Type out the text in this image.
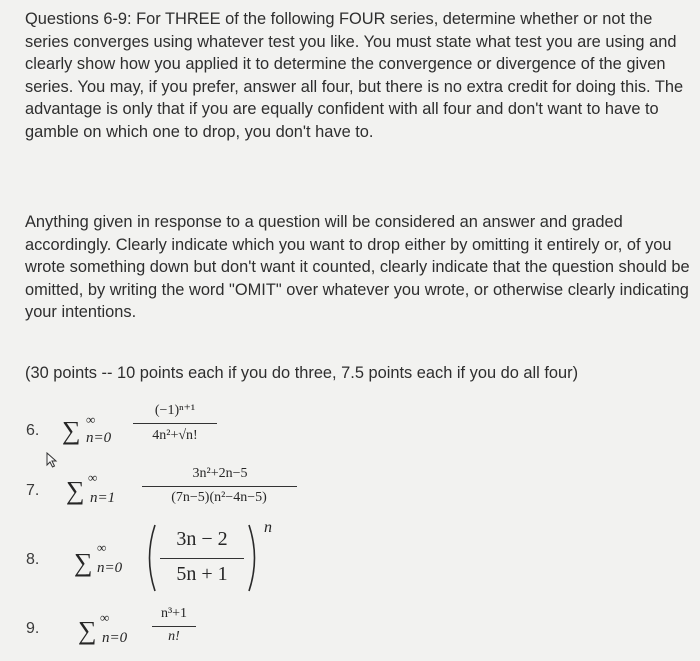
Questions 6-9: For THREE of the following FOUR series, determine whether or not the series converges using whatever test you like. You must state what test you are using and clearly show how you applied it to determine the convergence or divergence of the given series. You may, if you prefer, answer all four, but there is no extra credit for doing this. The advantage is only that if you are equally confident with all four and don't want to have to gamble on which one to drop, you don't have to.

Anything given in response to a question will be considered an answer and graded accordingly. Clearly indicate which you want to drop either by omitting it entirely or, of you wrote something down but don't want it counted, clearly indicate that the question should be omitted, by writing the word "OMIT" over whatever you wrote, or otherwise clearly indicating your intentions.

(30 points -- 10 points each if you do three, 7.5 points each if you do all four)

6. ∑ ∞
n=0
(−1)ⁿ⁺¹
4n²+√n!
7. ∑ ∞
n=1
3n²+2n−5
(7n−5)(n²−4n−5)
8. ∑
∞
n=0
3n − 2
5n + 1
n
9. ∑ ∞
n=0
n³+1
n!
